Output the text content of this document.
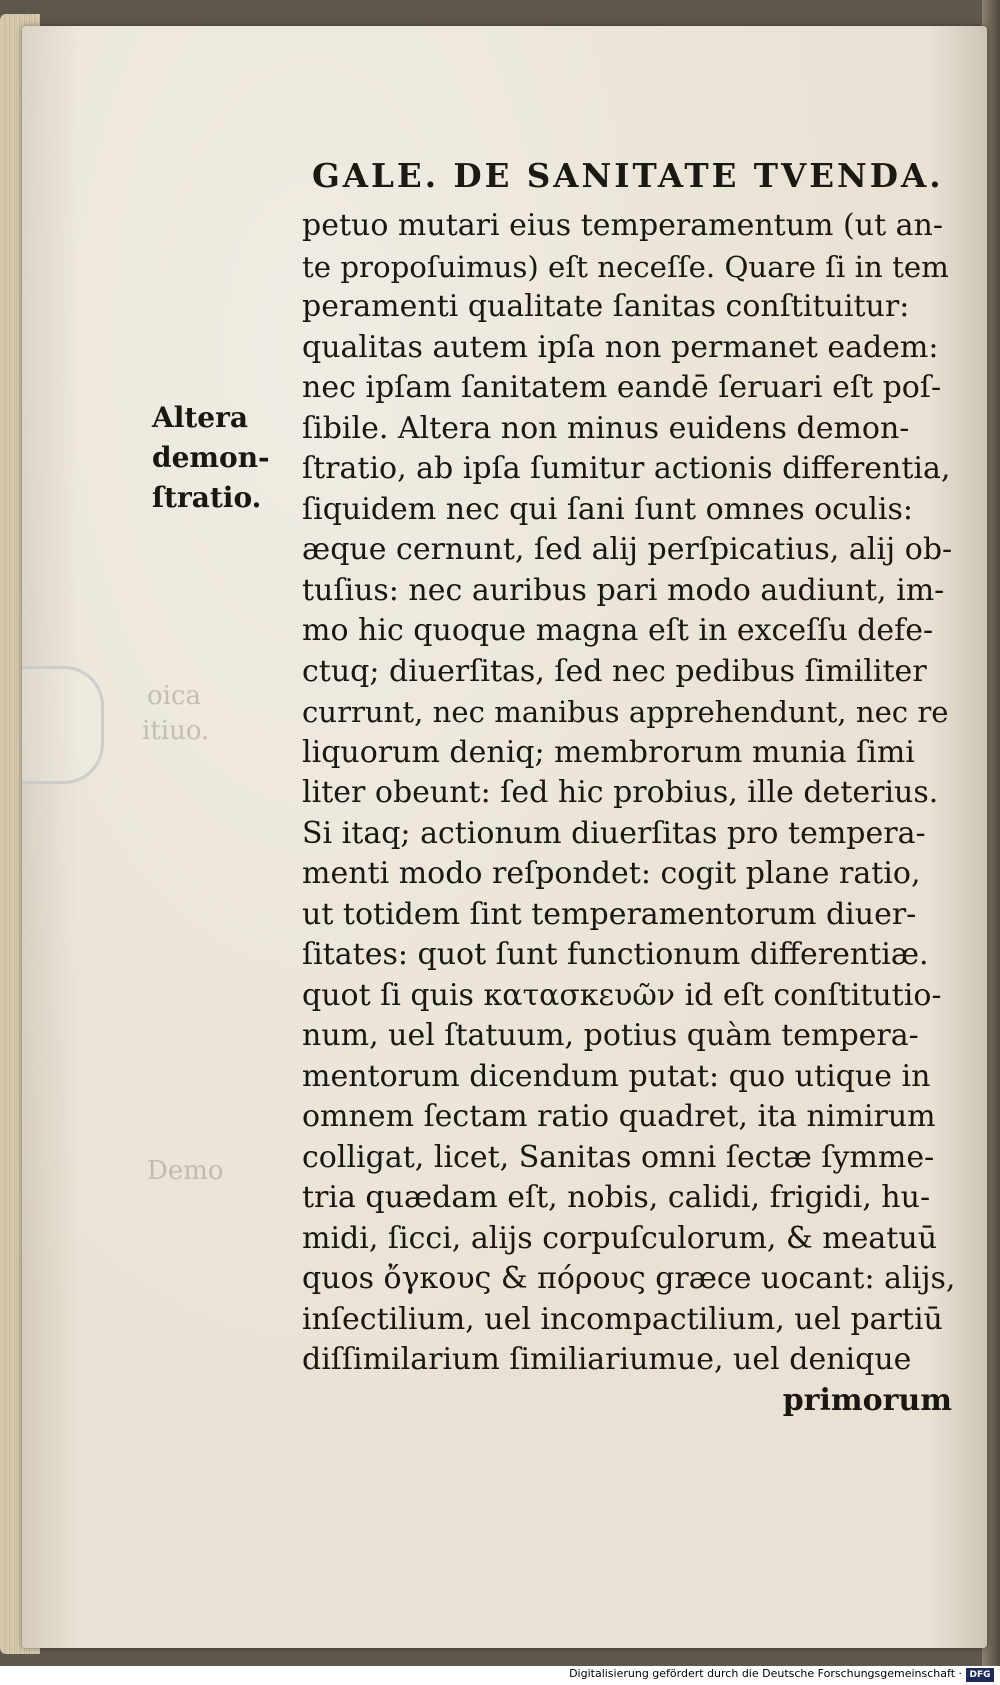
oica
itiuo.
Demo
GALE. DE SANITATE TVENDA.
Altera
demon-
ſtratio.
petuo mutari eius temperamentum (ut an-
te propoſuimus) eſt neceſſe. Quare ſi in tem
peramenti qualitate ſanitas conſtituitur:
qualitas autem ipſa non permanet eadem:
nec ipſam ſanitatem eandē ſeruari eſt poſ-
ſibile. Altera non minus euidens demon-
ſtratio, ab ipſa ſumitur actionis differentia,
ſiquidem nec qui ſani ſunt omnes oculis:
æque cernunt, ſed alij perſpicatius, alij ob-
tuſius: nec auribus pari modo audiunt, im-
mo hic quoque magna eſt in exceſſu defe-
ctuq; diuerſitas, ſed nec pedibus ſimiliter
currunt, nec manibus apprehendunt, nec re
liquorum deniq; membrorum munia ſimi
liter obeunt: ſed hic probius, ille deterius.
Si itaq; actionum diuerſitas pro tempera-
menti modo reſpondet: cogit plane ratio,
ut totidem ſint temperamentorum diuer-
ſitates: quot ſunt functionum differentiæ.
quot ſi quis κατασκευῶν id eſt conſtitutio-
num, uel ſtatuum, potius quàm tempera-
mentorum dicendum putat: quo utique in
omnem ſectam ratio quadret, ita nimirum
colligat, licet, Sanitas omni ſectæ ſymme-
tria quædam eſt, nobis, calidi, frigidi, hu-
midi, ſicci, alijs corpuſculorum, & meatuū
quos ὄγκους & πόρους græce uocant: alijs,
inſectilium, uel incompactilium, uel partiū
diſſimilarium ſimiliariumue, uel denique
primorum
Digitalisierung gefördert durch die Deutsche Forschungsgemeinschaft · DFG
